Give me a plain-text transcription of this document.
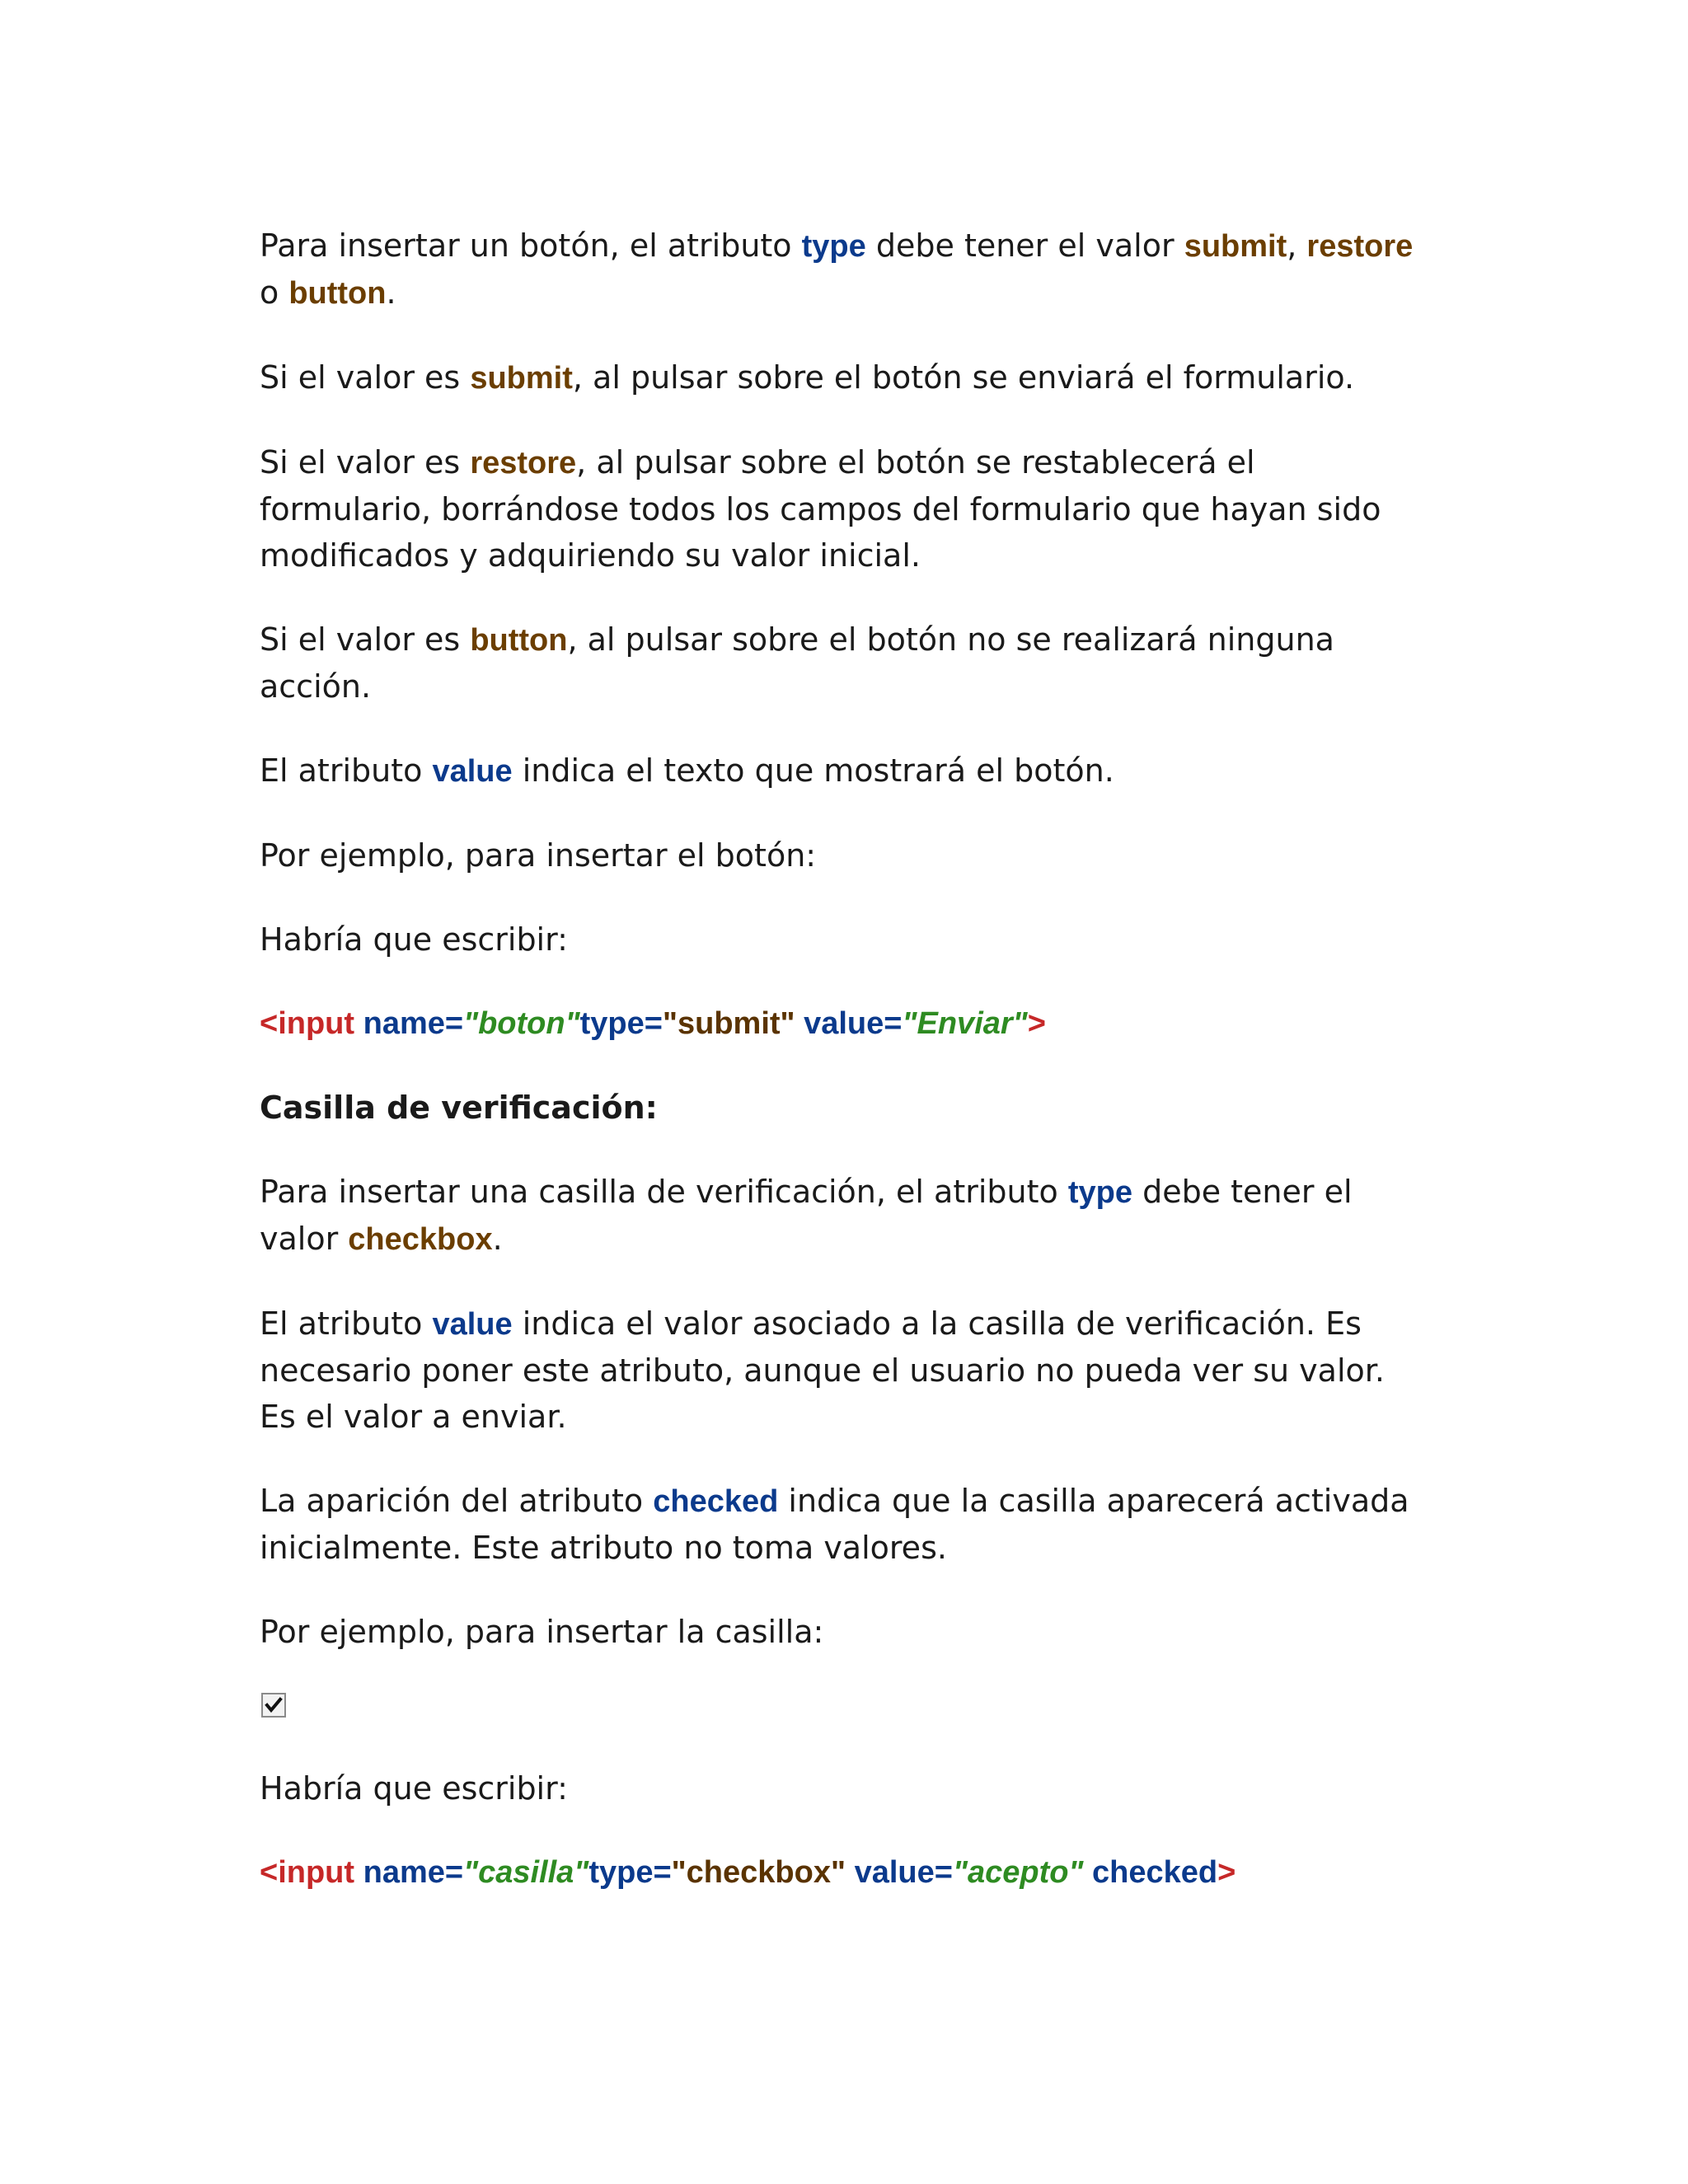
Para insertar un botón, el atributo type debe tener el valor submit, restore o button.

Si el valor es submit, al pulsar sobre el botón se enviará el formulario.

Si el valor es restore, al pulsar sobre el botón se restablecerá el formulario, borrándose todos los campos del formulario que hayan sido modificados y adquiriendo su valor inicial.

Si el valor es button, al pulsar sobre el botón no se realizará ninguna acción.

El atributo value indica el texto que mostrará el botón.

Por ejemplo, para insertar el botón:

Habría que escribir:

<input name="boton"type="submit" value="Enviar">

Casilla de verificación:

Para insertar una casilla de verificación, el atributo type debe tener el valor checkbox.

El atributo value indica el valor asociado a la casilla de verificación. Es necesario poner este atributo, aunque el usuario no pueda ver su valor. Es el valor a enviar.

La aparición del atributo checked indica que la casilla aparecerá activada inicialmente. Este atributo no toma valores.

Por ejemplo, para insertar la casilla:

Habría que escribir:

<input name="casilla"type="checkbox" value="acepto" checked>
